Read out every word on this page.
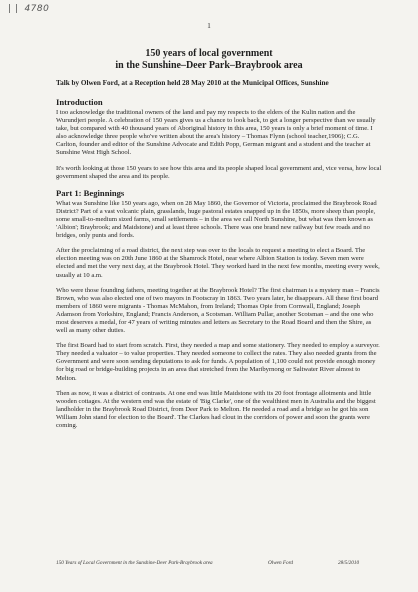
| | 4780
1
150 years of local government
in the Sunshine–Deer Park–Braybrook area
Talk by Olwen Ford, at a Reception held 28 May 2010 at the Municipal Offices, Sunshine
Introduction

I too acknowledge the traditional owners of the land and pay my respects to the elders of the Kulin nation and the Wurundjeri people. A celebration of 150 years gives us a chance to look back, to get a longer perspective than we usually take, but compared with 40 thousand years of Aboriginal history in this area, 150 years is only a brief moment of time. I also acknowledge three people who've written about the area's history – Thomas Flynn (school teacher,1906); C.G. Carlton, founder and editor of the Sunshine Advocate and Edith Popp, German migrant and a student and the teacher at Sunshine West High School.

It's worth looking at those 150 years to see how this area and its people shaped local government and, vice versa, how local government shaped the area and its people.

Part 1: Beginnings

What was Sunshine like 150 years ago, when on 28 May 1860, the Governor of Victoria, proclaimed the Braybrook Road District? Part of a vast volcanic plain, grasslands, huge pastoral estates snapped up in the 1850s, more sheep than people, some small-to-medium sized farms, small settlements – in the area we call North Sunshine, but what was then known as 'Albion'; Braybrook; and Maidstone) and at least three schools. There was one brand new railway but few roads and no bridges, only punts and fords.

After the proclaiming of a road district, the next step was over to the locals to request a meeting to elect a Board. The election meeting was on 20th June 1860 at the Shamrock Hotel, near where Albion Station is today. Seven men were elected and met the very next day, at the Braybrook Hotel. They worked hard in the next few months, meeting every week, usually at 10 a.m.

Who were those founding fathers, meeting together at the Braybrook Hotel? The first chairman is a mystery man – Francis Brown, who was also elected one of two mayors in Footscray in 1863. Two years later, he disappears. All these first board members of 1860 were migrants - Thomas McMahon, from Ireland; Thomas Opie from Cornwall, England; Joseph Adamson from Yorkshire, England; Francis Anderson, a Scotsman. William Pullar, another Scotsman – and the one who most deserves a medal, for 47 years of writing minutes and letters as Secretary to the Road Board and then the Shire, as well as many other duties.

The first Board had to start from scratch. First, they needed a map and some stationery. They needed to employ a surveyor. They needed a valuator – to value properties. They needed someone to collect the rates. They also needed grants from the Government and were soon sending deputations to ask for funds. A population of 1,100 could not provide enough money for big road or bridge-building projects in an area that stretched from the Maribyrnong or Saltwater River almost to Melton.

Then as now, it was a district of contrasts. At one end was little Maidstone with its 20 foot frontage allotments and little wooden cottages. At the western end was the estate of 'Big Clarke', one of the wealthiest men in Australia and the biggest landholder in the Braybrook Road District, from Deer Park to Melton. He needed a road and a bridge so he got his son William John stand for election to the Board'. The Clarkes had clout in the corridors of power and soon the grants were coming.

150 Years of Local Government in the Sunshine-Deer Park-Braybrook area	Olwen Ford	28/5/2010
